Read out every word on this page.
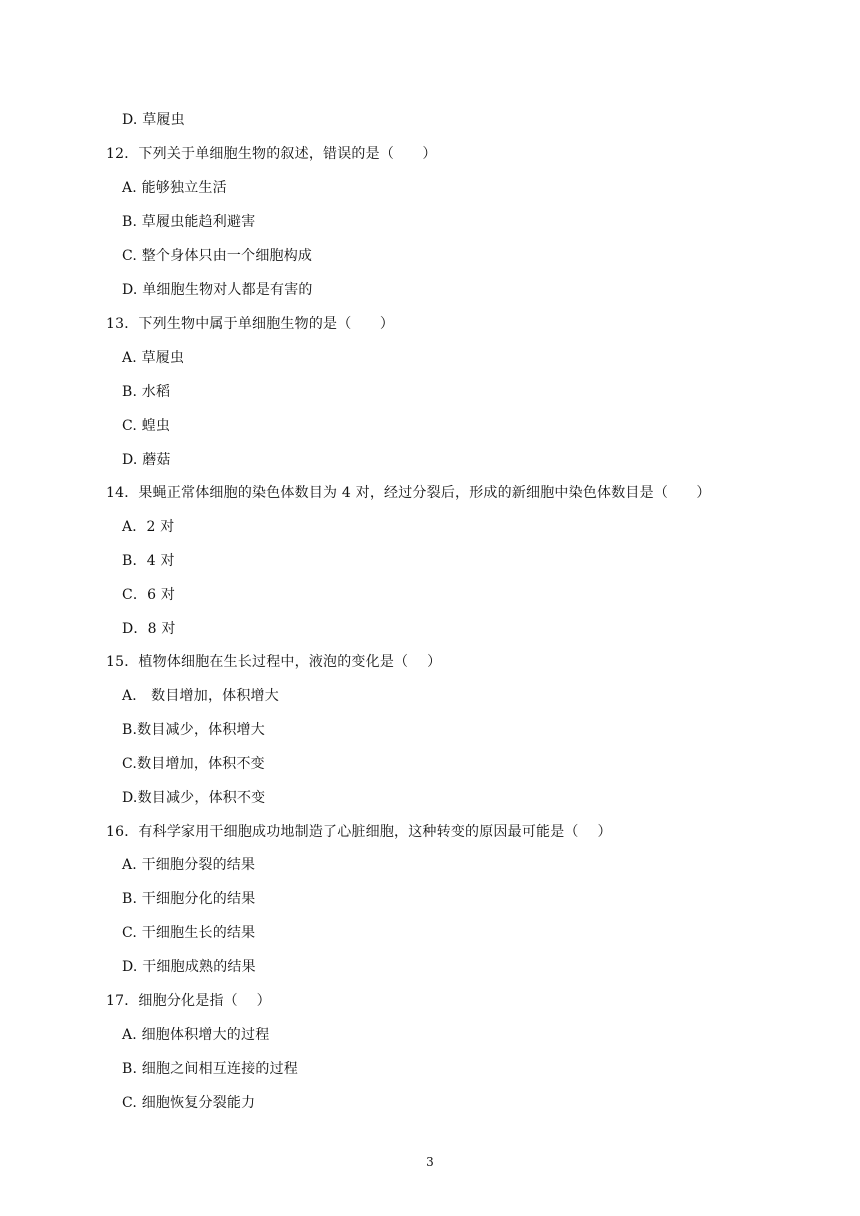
D. 草履虫
12．下列关于单细胞生物的叙述，错误的是（　　）
A. 能够独立生活
B. 草履虫能趋利避害
C. 整个身体只由一个细胞构成
D. 单细胞生物对人都是有害的
13．下列生物中属于单细胞生物的是（　　）
A. 草履虫
B. 水稻
C. 蝗虫
D. 蘑菇
14．果蝇正常体细胞的染色体数目为 4 对，经过分裂后，形成的新细胞中染色体数目是（　　）
A．2 对
B．4 对
C．6 对
D．8 对
15．植物体细胞在生长过程中，液泡的变化是（　 ）
A． 数目增加，体积增大
B.数目减少，体积增大
C.数目增加，体积不变
D.数目减少，体积不变
16．有科学家用干细胞成功地制造了心脏细胞，这种转变的原因最可能是（　 ）
A. 干细胞分裂的结果
B. 干细胞分化的结果
C. 干细胞生长的结果
D. 干细胞成熟的结果
17．细胞分化是指（　 ）
A. 细胞体积增大的过程
B. 细胞之间相互连接的过程
C. 细胞恢复分裂能力
3
